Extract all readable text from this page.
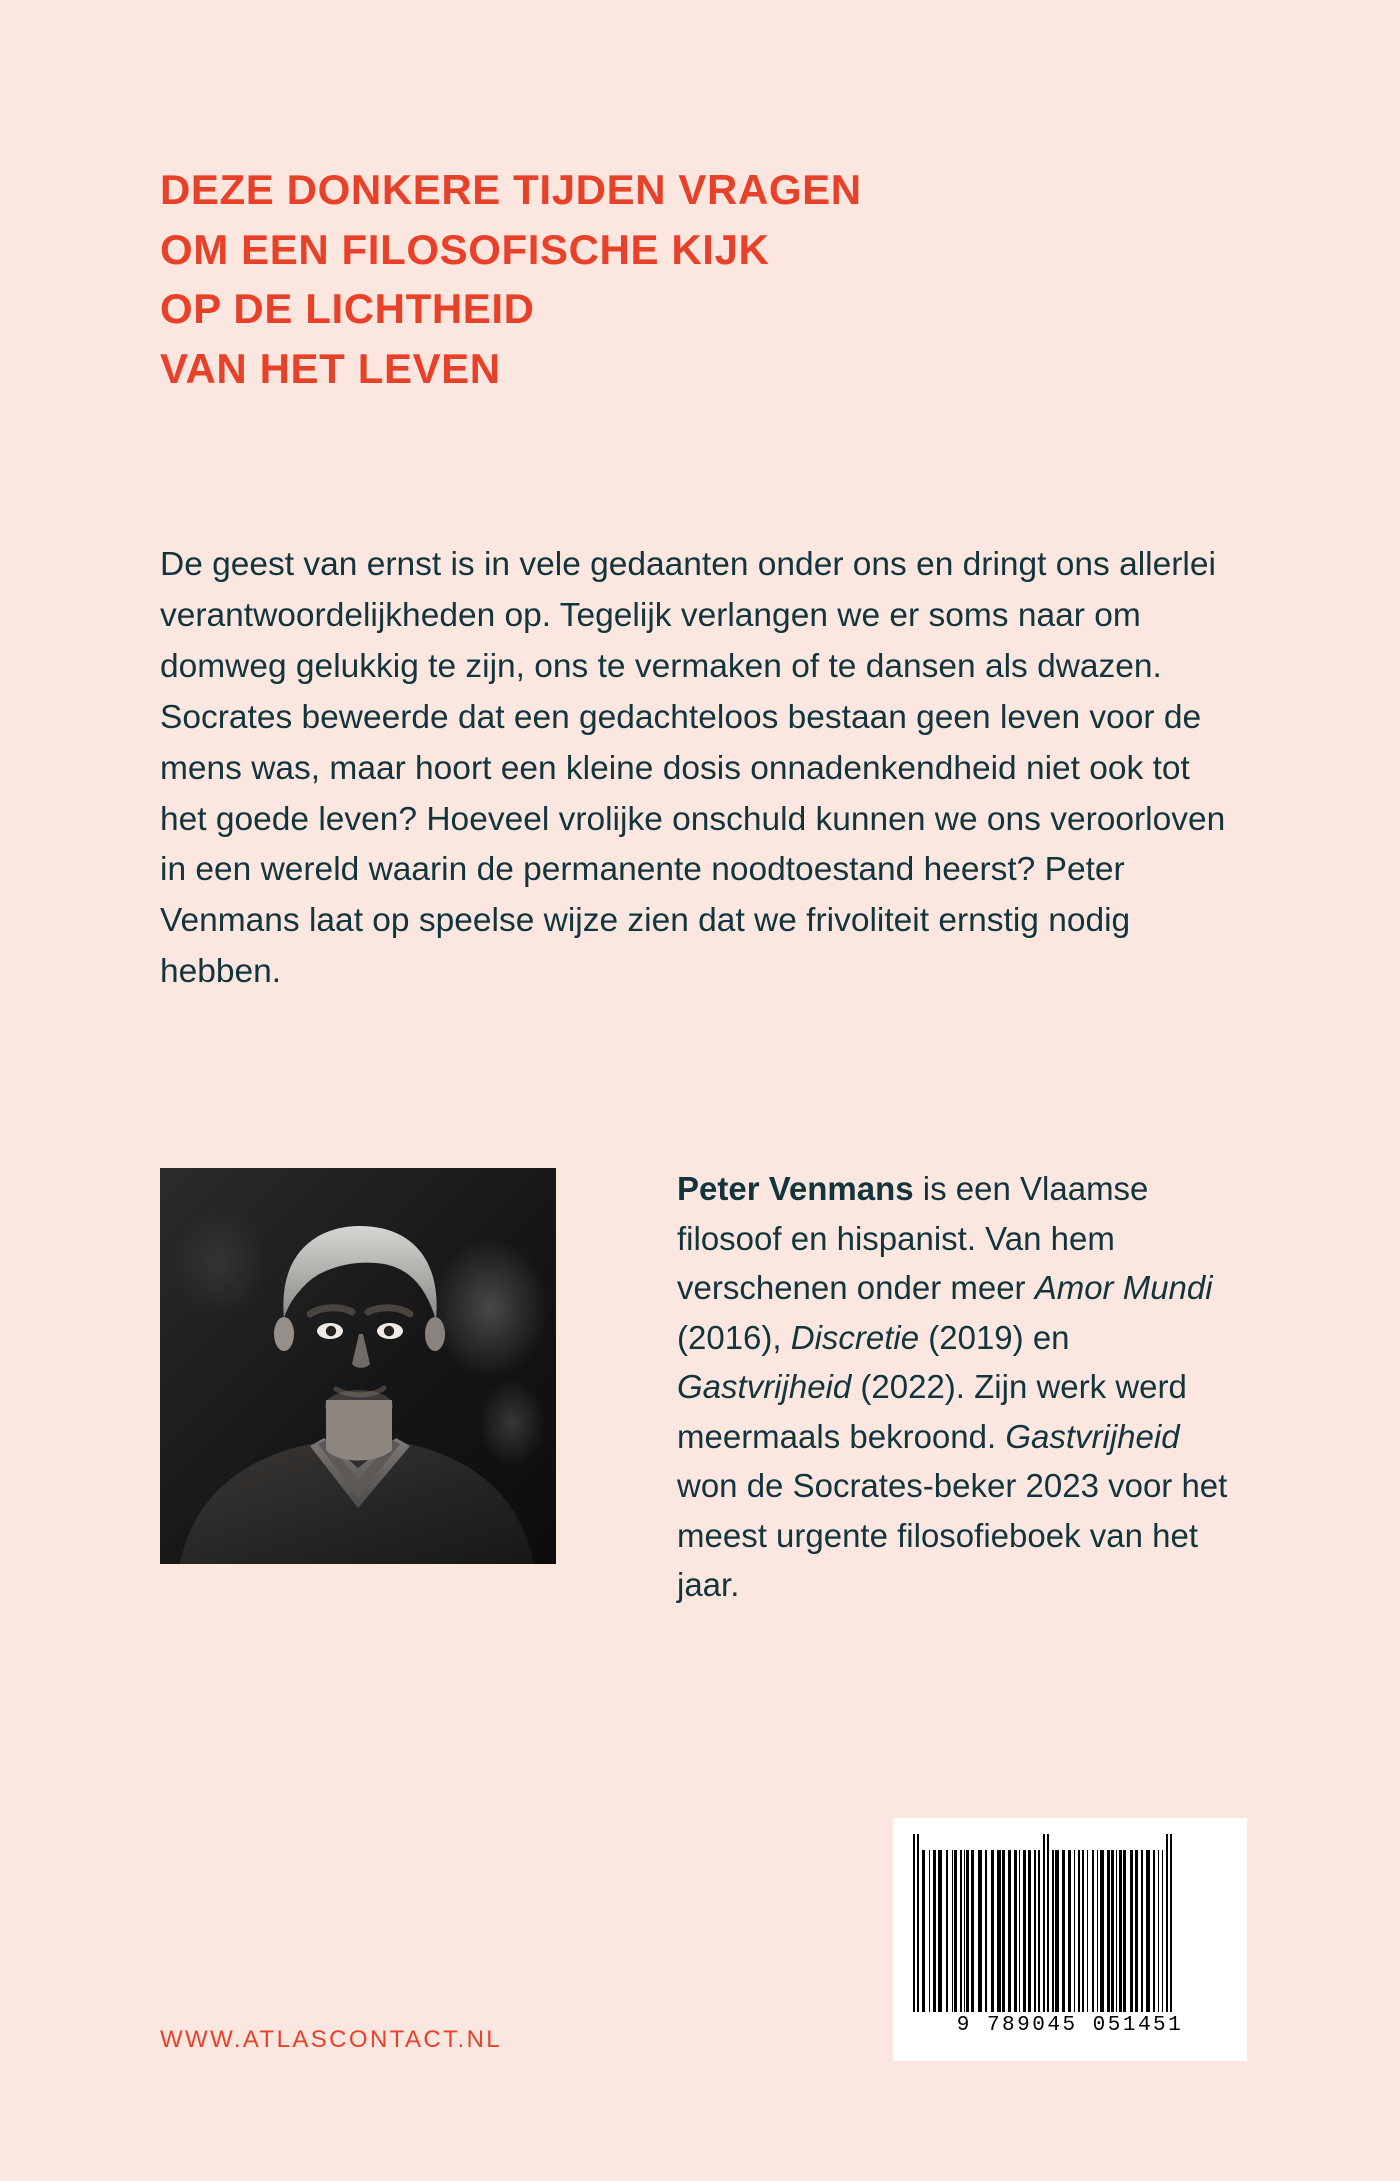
DEZE DONKERE TIJDEN VRAGEN
OM EEN FILOSOFISCHE KIJK
OP DE LICHTHEID
VAN HET LEVEN

De geest van ernst is in vele gedaanten onder ons en dringt ons allerlei verantwoordelijkheden op. Tegelijk verlangen we er soms naar om domweg gelukkig te zijn, ons te vermaken of te dansen als dwazen. Socrates beweerde dat een gedachteloos bestaan geen leven voor de mens was, maar hoort een kleine dosis onnadenkendheid niet ook tot het goede leven? Hoeveel vrolijke onschuld kunnen we ons veroorloven in een wereld waarin de permanente noodtoestand heerst? Peter Venmans laat op speelse wijze zien dat we frivoliteit ernstig nodig hebben.

Peter Venmans is een Vlaamse filosoof en hispanist. Van hem verschenen onder meer Amor Mundi (2016), Discretie (2019) en Gastvrijheid (2022). Zijn werk werd meermaals bekroond. Gastvrijheid won de Socrates-beker 2023 voor het meest urgente filosofieboek van het jaar.
9 789045 051451
WWW.ATLASCONTACT.NL
